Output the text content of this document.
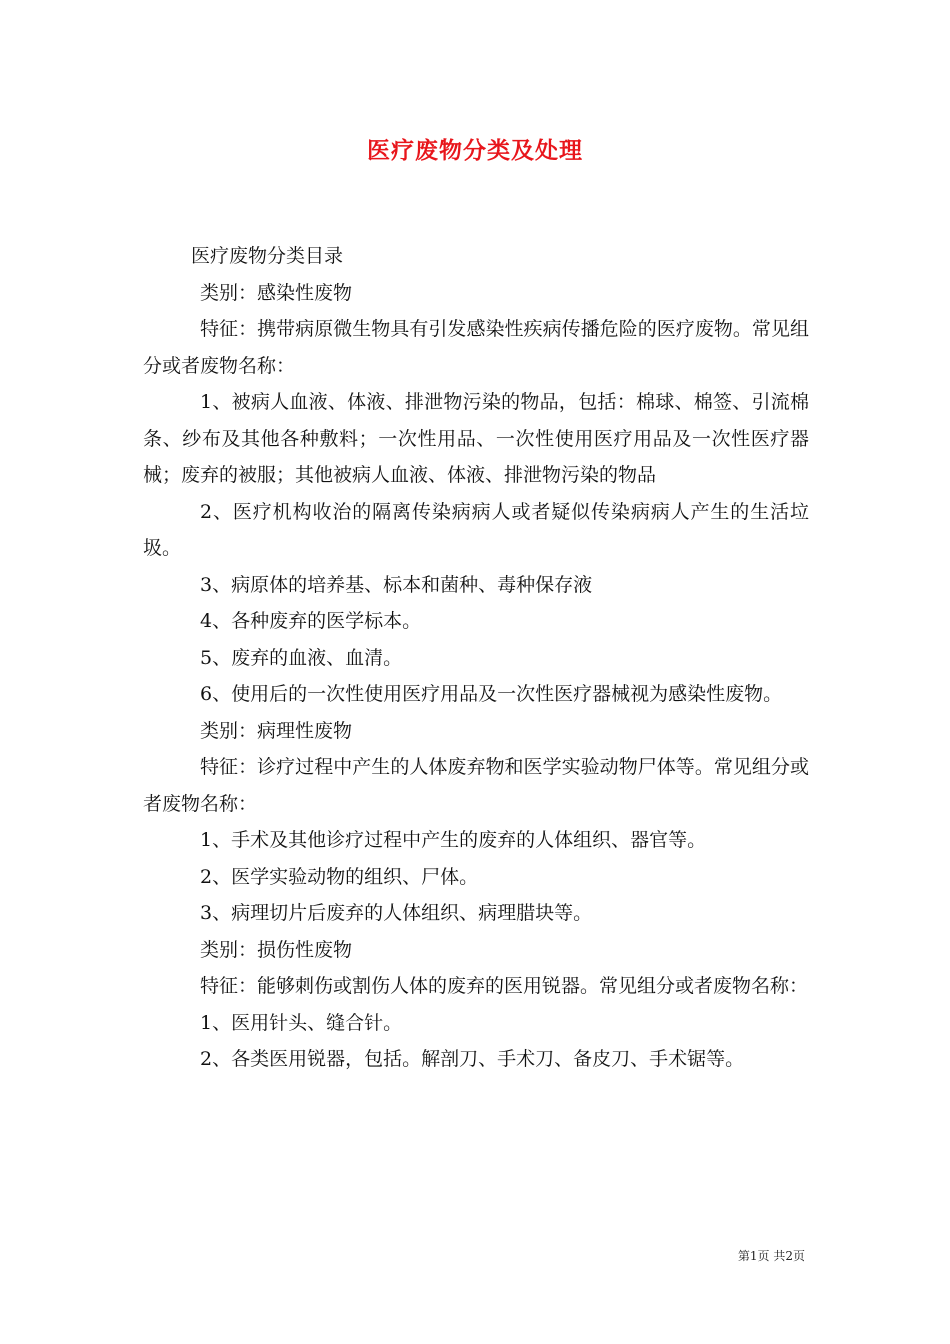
医疗废物分类及处理

医疗废物分类目录

类别：感染性废物

特征：携带病原微生物具有引发感染性疾病传播危险的医疗废物。常见组分或者废物名称：

1、被病人血液、体液、排泄物污染的物品，包括：棉球、棉签、引流棉条、纱布及其他各种敷料；一次性用品、一次性使用医疗用品及一次性医疗器械；废弃的被服；其他被病人血液、体液、排泄物污染的物品

2、医疗机构收治的隔离传染病病人或者疑似传染病病人产生的生活垃圾。

3、病原体的培养基、标本和菌种、毒种保存液

4、各种废弃的医学标本。

5、废弃的血液、血清。

6、使用后的一次性使用医疗用品及一次性医疗器械视为感染性废物。

类别：病理性废物

特征：诊疗过程中产生的人体废弃物和医学实验动物尸体等。常见组分或者废物名称：

1、手术及其他诊疗过程中产生的废弃的人体组织、器官等。

2、医学实验动物的组织、尸体。

3、病理切片后废弃的人体组织、病理腊块等。

类别：损伤性废物

特征：能够刺伤或割伤人体的废弃的医用锐器。常见组分或者废物名称：

1、医用针头、缝合针。

2、各类医用锐器，包括。解剖刀、手术刀、备皮刀、手术锯等。

第1页 共2页
